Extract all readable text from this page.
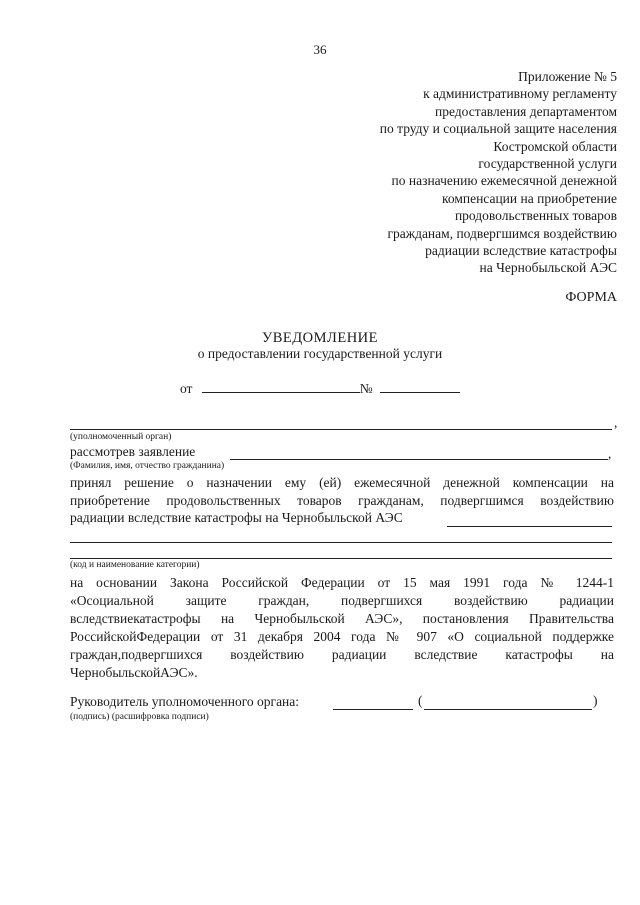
36
Приложение № 5
к административному регламенту
предоставления департаментом
по труду и социальной защите населения
Костромской области
государственной услуги
по назначению ежемесячной денежной
компенсации на приобретение
продовольственных товаров
гражданам, подвергшимся воздействию
радиации вследствие катастрофы
на Чернобыльской АЭС
ФОРМА
УВЕДОМЛЕНИЕ
о предоставлении государственной услуги
от	№
,
(уполномоченный орган)
рассмотрев заявление	,
(Фамилия, имя, отчество гражданина)
принял решение о назначении ему (ей) ежемесячной денежной компенсации на
приобретение продовольственных товаров гражданам, подвергшимся воздействию
радиации вследствие катастрофы на Чернобыльской АЭС
(код и наименование категории)
на основании Закона Российской Федерации от 15 мая 1991 года № 1244-1
«Осоциальной защите граждан, подвергшихся воздействию радиации
вследствиекатастрофы на Чернобыльской АЭС», постановления Правительства
РоссийскойФедерации от 31 декабря 2004 года № 907 «О социальной поддержке
граждан,подвергшихся воздействию радиации вследствие катастрофы на
ЧернобыльскойАЭС».
Руководитель уполномоченного органа:	(	)
(подпись) (расшифровка подписи)
